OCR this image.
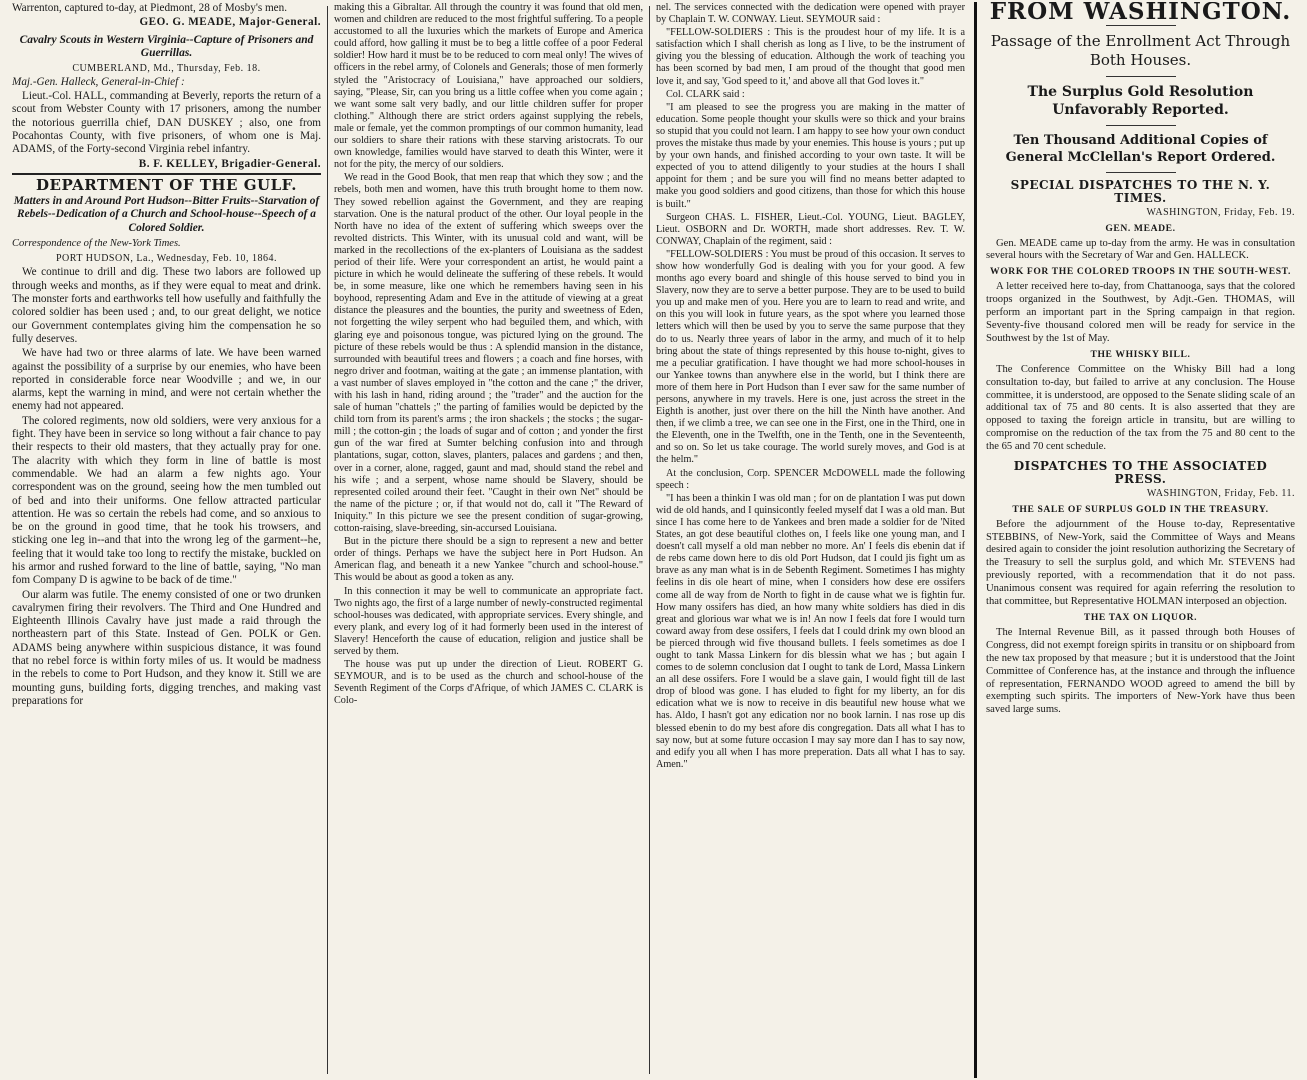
Warrenton, captured to-day, at Piedmont, 28 of Mosby's men.

GEO. G. MEADE, Major-General.
Cavalry Scouts in Western Virginia--Capture of Prisoners and Guerrillas.
CUMBERLAND, Md., Thursday, Feb. 18.

Maj.-Gen. Halleck, General-in-Chief :

Lieut.-Col. HALL, commanding at Beverly, reports the return of a scout from Webster County with 17 prisoners, among the number the notorious guerrilla chief, DAN DUSKEY ; also, one from Pocahontas County, with five prisoners, of whom one is Maj. ADAMS, of the Forty-second Virginia rebel infantry.

B. F. KELLEY, Brigadier-General.
DEPARTMENT OF THE GULF.
Matters in and Around Port Hudson--Bitter Fruits--Starvation of Rebels--Dedication of a Church and School-house--Speech of a Colored Soldier.
Correspondence of the New-York Times.
PORT HUDSON, La., Wednesday, Feb. 10, 1864.

We continue to drill and dig. These two labors are followed up through weeks and months, as if they were equal to meat and drink. The monster forts and earthworks tell how usefully and faithfully the colored soldier has been used ; and, to our great delight, we notice our Government contemplates giving him the compensation he so fully deserves.

We have had two or three alarms of late. We have been warned against the possibility of a surprise by our enemies, who have been reported in considerable force near Woodville ; and we, in our alarms, kept the warning in mind, and were not certain whether the enemy had not appeared.

The colored regiments, now old soldiers, were very anxious for a fight. They have been in service so long without a fair chance to pay their respects to their old masters, that they actually pray for one. The alacrity with which they form in line of battle is most commendable. We had an alarm a few nights ago. Your correspondent was on the ground, seeing how the men tumbled out of bed and into their uniforms. One fellow attracted particular attention. He was so certain the rebels had come, and so anxious to be on the ground in good time, that he took his trowsers, and sticking one leg in--and that into the wrong leg of the garment--he, feeling that it would take too long to rectify the mistake, buckled on his armor and rushed forward to the line of battle, saying, "No man fom Company D is agwine to be back of de time."

Our alarm was futile. The enemy consisted of one or two drunken cavalrymen firing their revolvers. The Third and One Hundred and Eighteenth Illinois Cavalry have just made a raid through the northeastern part of this State. Instead of Gen. POLK or Gen. ADAMS being anywhere within suspicious distance, it was found that no rebel force is within forty miles of us. It would be madness in the rebels to come to Port Hudson, and they know it. Still we are mounting guns, building forts, digging trenches, and making vast preparations for

making this a Gibraltar. All through the country it was found that old men, women and children are reduced to the most frightful suffering. To a people accustomed to all the luxuries which the markets of Europe and America could afford, how galling it must be to beg a little coffee of a poor Federal soldier! How hard it must be to be reduced to corn meal only! The wives of officers in the rebel army, of Colonels and Generals; those of men formerly styled the "Aristocracy of Louisiana," have approached our soldiers, saying, "Please, Sir, can you bring us a little coffee when you come again ; we want some salt very badly, and our little children suffer for proper clothing." Although there are strict orders against supplying the rebels, male or female, yet the common promptings of our common humanity, lead our soldiers to share their rations with these starving aristocrats. To our own knowledge, families would have starved to death this Winter, were it not for the pity, the mercy of our soldiers.

We read in the Good Book, that men reap that which they sow ; and the rebels, both men and women, have this truth brought home to them now. They sowed rebellion against the Government, and they are reaping starvation. One is the natural product of the other. Our loyal people in the North have no idea of the extent of suffering which sweeps over the revolted districts. This Winter, with its unusual cold and want, will be marked in the recollections of the ex-planters of Louisiana as the saddest period of their life. Were your correspondent an artist, he would paint a picture in which he would delineate the suffering of these rebels. It would be, in some measure, like one which he remembers having seen in his boyhood, representing Adam and Eve in the attitude of viewing at a great distance the pleasures and the bounties, the purity and sweetness of Eden, not forgetting the wiley serpent who had beguiled them, and which, with glaring eye and poisonous tongue, was pictured lying on the ground. The picture of these rebels would be thus : A splendid mansion in the distance, surrounded with beautiful trees and flowers ; a coach and fine horses, with negro driver and footman, waiting at the gate ; an immense plantation, with a vast number of slaves employed in "the cotton and the cane ;" the driver, with his lash in hand, riding around ; the "trader" and the auction for the sale of human "chattels ;" the parting of families would be depicted by the child torn from its parent's arms ; the iron shackels ; the stocks ; the sugar-mill ; the cotton-gin ; the loads of sugar and of cotton ; and yonder the first gun of the war fired at Sumter belching confusion into and through plantations, sugar, cotton, slaves, planters, palaces and gardens ; and then, over in a corner, alone, ragged, gaunt and mad, should stand the rebel and his wife ; and a serpent, whose name should be Slavery, should be represented coiled around their feet. "Caught in their own Net" should be the name of the picture ; or, if that would not do, call it "The Reward of Iniquity." In this picture we see the present condition of sugar-growing, cotton-raising, slave-breeding, sin-accursed Louisiana.

But in the picture there should be a sign to represent a new and better order of things. Perhaps we have the subject here in Port Hudson. An American flag, and beneath it a new Yankee "church and school-house." This would be about as good a token as any.

In this connection it may be well to communicate an appropriate fact. Two nights ago, the first of a large number of newly-constructed regimental school-houses was dedicated, with appropriate services. Every shingle, and every plank, and every log of it had formerly been used in the interest of Slavery! Henceforth the cause of education, religion and justice shall be served by them.

The house was put up under the direction of Lieut. ROBERT G. SEYMOUR, and is to be used as the church and school-house of the Seventh Regiment of the Corps d'Afrique, of which JAMES C. CLARK is Colo-

nel. The services connected with the dedication were opened with prayer by Chaplain T. W. CONWAY. Lieut. SEYMOUR said :

"FELLOW-SOLDIERS : This is the proudest hour of my life. It is a satisfaction which I shall cherish as long as I live, to be the instrument of giving you the blessing of education. Although the work of teaching you has been scorned by bad men, I am proud of the thought that good men love it, and say, 'God speed to it,' and above all that God loves it."

Col. CLARK said :

"I am pleased to see the progress you are making in the matter of education. Some people thought your skulls were so thick and your brains so stupid that you could not learn. I am happy to see how your own conduct proves the mistake thus made by your enemies. This house is yours ; put up by your own hands, and finished according to your own taste. It will be expected of you to attend diligently to your studies at the hours I shall appoint for them ; and be sure you will find no means better adapted to make you good soldiers and good citizens, than those for which this house is built."

Surgeon CHAS. L. FISHER, Lieut.-Col. YOUNG, Lieut. BAGLEY, Lieut. OSBORN and Dr. WORTH, made short addresses. Rev. T. W. CONWAY, Chaplain of the regiment, said :

"FELLOW-SOLDIERS : You must be proud of this occasion. It serves to show how wonderfully God is dealing with you for your good. A few months ago every board and shingle of this house served to bind you in Slavery, now they are to serve a better purpose. They are to be used to build you up and make men of you. Here you are to learn to read and write, and on this you will look in future years, as the spot where you learned those letters which will then be used by you to serve the same purpose that they do to us. Nearly three years of labor in the army, and much of it to help bring about the state of things represented by this house to-night, gives to me a peculiar gratification. I have thought we had more school-houses in our Yankee towns than anywhere else in the world, but I think there are more of them here in Port Hudson than I ever saw for the same number of persons, anywhere in my travels. Here is one, just across the street in the Eighth is another, just over there on the hill the Ninth have another. And then, if we climb a tree, we can see one in the First, one in the Third, one in the Eleventh, one in the Twelfth, one in the Tenth, one in the Seventeenth, and so on. So let us take courage. The world surely moves, and God is at the helm."

At the conclusion, Corp. SPENCER McDOWELL made the following speech :

"I has been a thinkin I was old man ; for on de plantation I was put down wid de old hands, and I quinsicontly feeled myself dat I was a old man. But since I has come here to de Yankees and bren made a soldier for de 'Nited States, an got dese beautiful clothes on, I feels like one young man, and I doesn't call myself a old man nebber no more. An' I feels dis ebenin dat if de rebs came down here to dis old Port Hudson, dat I could jis fight um as brave as any man what is in de Sebenth Regiment. Sometimes I has mighty feelins in dis ole heart of mine, when I considers how dese ere ossifers come all de way from de North to fight in de cause what we is fightin fur. How many ossifers has died, an how many white soldiers has died in dis great and glorious war what we is in! An now I feels dat fore I would turn coward away from dese ossifers, I feels dat I could drink my own blood an be pierced through wid five thousand bullets. I feels sometimes as doe I ought to tank Massa Linkern for dis blessin what we has ; but again I comes to de solemn conclusion dat I ought to tank de Lord, Massa Linkern an all dese ossifers. Fore I would be a slave gain, I would fight till de last drop of blood was gone. I has eluded to fight for my liberty, an for dis edication what we is now to receive in dis beautiful new house what we has. Aldo, I hasn't got any edication nor no book larnin. I nas rose up dis blessed ebenin to do my best afore dis congregation. Dats all what I has to say now, but at some future occasion I may say more dan I has to say now, and edify you all when I has more preperation. Dats all what I has to say. Amen."

FROM WASHINGTON.
Passage of the Enrollment Act Through Both Houses.
The Surplus Gold Resolution Unfavorably Reported.
Ten Thousand Additional Copies of General McClellan's Report Ordered.
SPECIAL DISPATCHES TO THE N. Y. TIMES.
WASHINGTON, Friday, Feb. 19.
GEN. MEADE.

Gen. MEADE came up to-day from the army. He was in consultation several hours with the Secretary of War and Gen. HALLECK.

WORK FOR THE COLORED TROOPS IN THE SOUTH-WEST.

A letter received here to-day, from Chattanooga, says that the colored troops organized in the Southwest, by Adjt.-Gen. THOMAS, will perform an important part in the Spring campaign in that region. Seventy-five thousand colored men will be ready for service in the Southwest by the 1st of May.

THE WHISKY BILL.

The Conference Committee on the Whisky Bill had a long consultation to-day, but failed to arrive at any conclusion. The House committee, it is understood, are opposed to the Senate sliding scale of an additional tax of 75 and 80 cents. It is also asserted that they are opposed to taxing the foreign article in transitu, but are willing to compromise on the reduction of the tax from the 75 and 80 cent to the the 65 and 70 cent schedule.

DISPATCHES TO THE ASSOCIATED PRESS.
WASHINGTON, Friday, Feb. 11.
THE SALE OF SURPLUS GOLD IN THE TREASURY.

Before the adjournment of the House to-day, Representative STEBBINS, of New-York, said the Committee of Ways and Means desired again to consider the joint resolution authorizing the Secretary of the Treasury to sell the surplus gold, and which Mr. STEVENS had previously reported, with a recommendation that it do not pass. Unanimous consent was required for again referring the resolution to that committee, but Representative HOLMAN interposed an objection.

THE TAX ON LIQUOR.

The Internal Revenue Bill, as it passed through both Houses of Congress, did not exempt foreign spirits in transitu or on shipboard from the new tax proposed by that measure ; but it is understood that the Joint Committee of Conference has, at the instance and through the influence of representation, FERNANDO WOOD agreed to amend the bill by exempting such spirits. The importers of New-York have thus been saved large sums.
